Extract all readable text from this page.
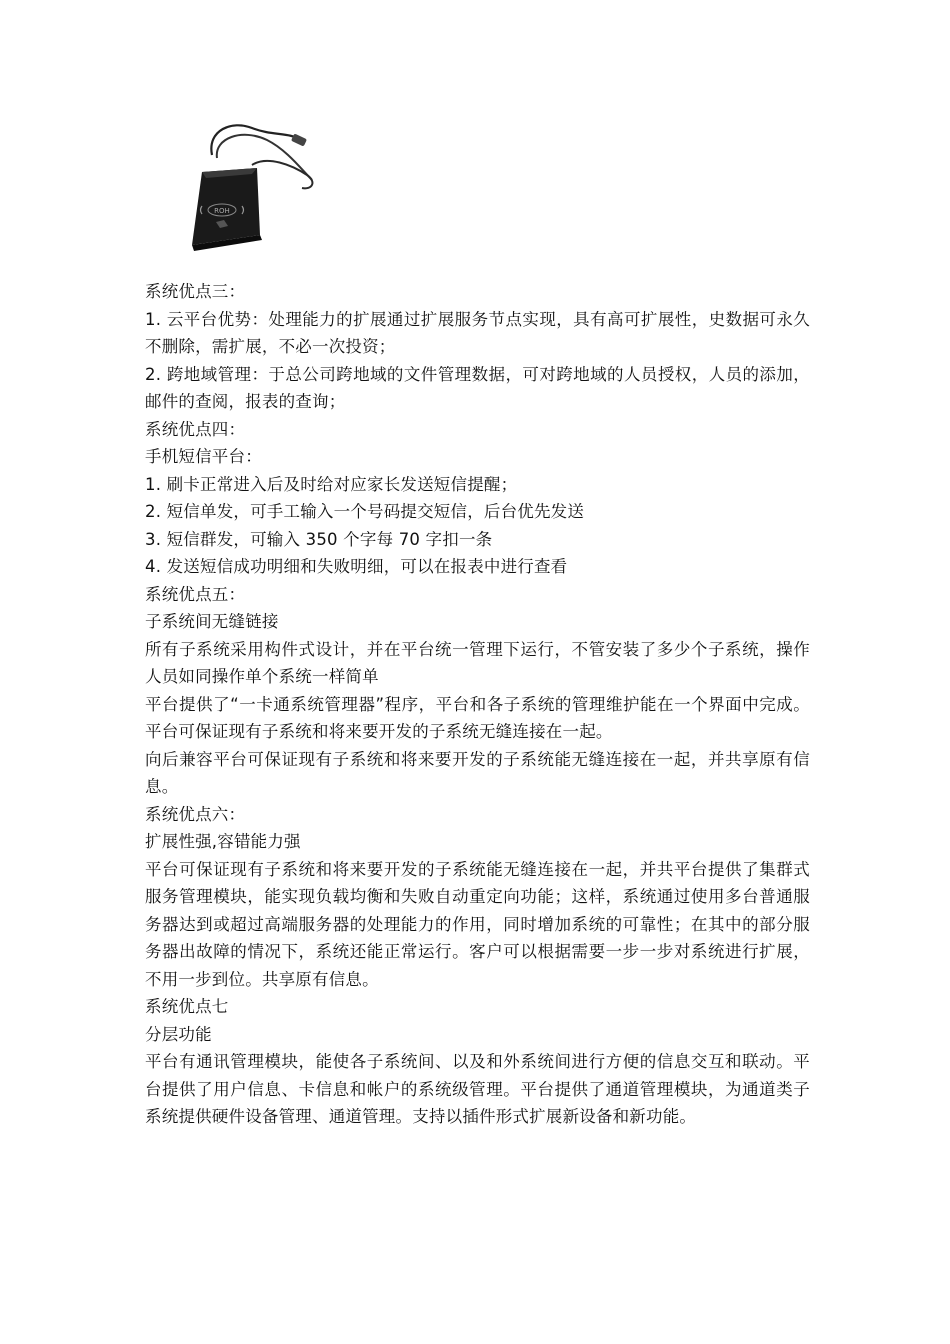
ROH

系统优点三：

1. 云平台优势：处理能力的扩展通过扩展服务节点实现，具有高可扩展性，史数据可永久不删除，需扩展，不必一次投资；

2. 跨地域管理：于总公司跨地域的文件管理数据，可对跨地域的人员授权，人员的添加，邮件的查阅，报表的查询；

系统优点四：

手机短信平台：

1. 刷卡正常进入后及时给对应家长发送短信提醒；

2. 短信单发，可手工输入一个号码提交短信，后台优先发送

3. 短信群发，可输入 350 个字每 70 字扣一条

4. 发送短信成功明细和失败明细，可以在报表中进行查看

系统优点五：

子系统间无缝链接

所有子系统采用构件式设计，并在平台统一管理下运行，不管安装了多少个子系统，操作人员如同操作单个系统一样简单

平台提供了“一卡通系统管理器”程序，平台和各子系统的管理维护能在一个界面中完成。 平台可保证现有子系统和将来要开发的子系统无缝连接在一起。

向后兼容平台可保证现有子系统和将来要开发的子系统能无缝连接在一起，并共享原有信息。

系统优点六：

扩展性强,容错能力强

平台可保证现有子系统和将来要开发的子系统能无缝连接在一起，并共平台提供了集群式服务管理模块，能实现负载均衡和失败自动重定向功能；这样，系统通过使用多台普通服务器达到或超过高端服务器的处理能力的作用，同时增加系统的可靠性；在其中的部分服务器出故障的情况下，系统还能正常运行。客户可以根据需要一步一步对系统进行扩展，不用一步到位。共享原有信息。

系统优点七

分层功能

平台有通讯管理模块，能使各子系统间、以及和外系统间进行方便的信息交互和联动。平台提供了用户信息、卡信息和帐户的系统级管理。平台提供了通道管理模块，为通道类子系统提供硬件设备管理、通道管理。支持以插件形式扩展新设备和新功能。
